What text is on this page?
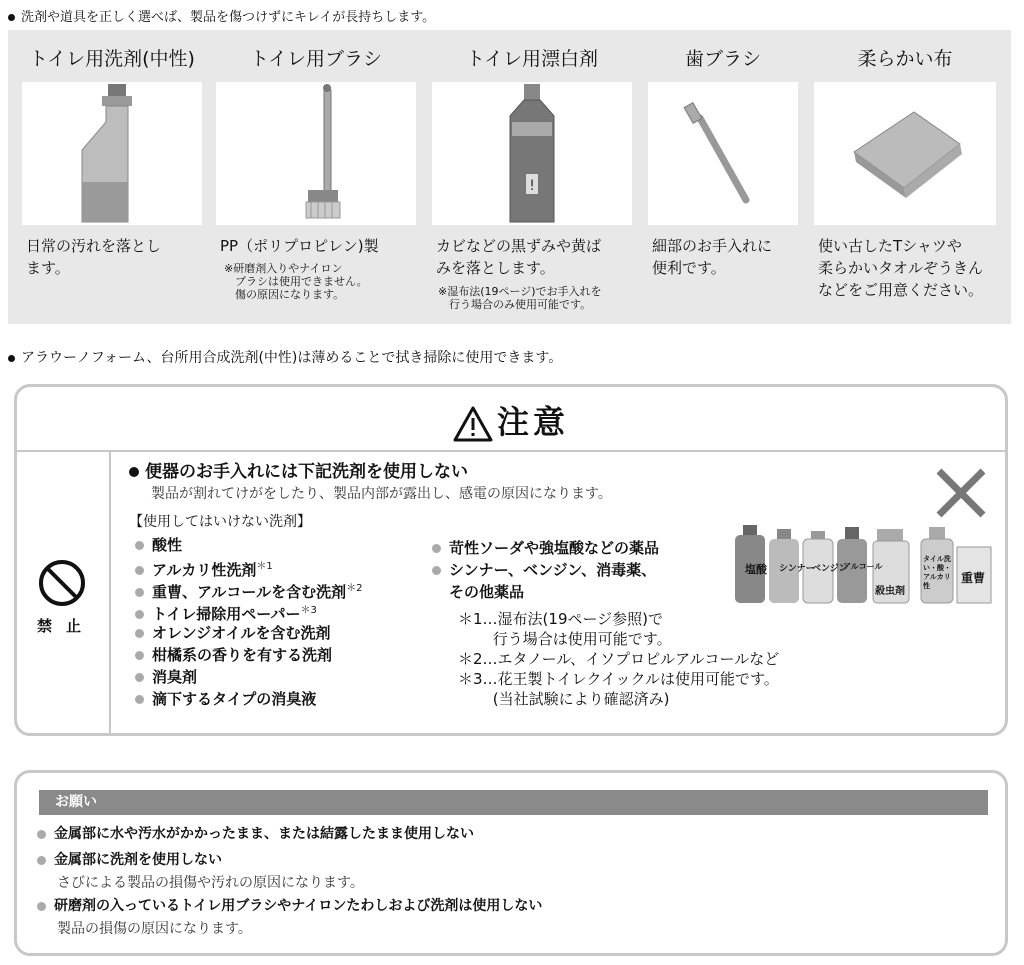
洗剤や道具を正しく選べば、製品を傷つけずにキレイが長持ちします。
トイレ用洗剤(中性)
日常の汚れを落とし
ます。
トイレ用ブラシ
PP（ポリプロピレン)製
※研磨剤入りやナイロン
　ブラシは使用できません。
　傷の原因になります。
トイレ用漂白剤
!
カビなどの黒ずみや黄ば
みを落とします。
※湿布法(19ページ)でお手入れを
　行う場合のみ使用可能です。
歯ブラシ
細部のお手入れに
便利です。
柔らかい布
使い古したTシャツや
柔らかいタオルぞうきん
などをご用意ください。
アラウーノフォーム、台所用合成洗剤(中性)は薄めることで拭き掃除に使用できます。
注意
禁止
便器のお手入れには下記洗剤を使用しない
製品が割れてけがをしたり、製品内部が露出し、感電の原因になります。
【使用してはいけない洗剤】
酸性
アルカリ性洗剤$^{*1}$
重曹、アルコールを含む洗剤$^{*2}$
トイレ掃除用ペーパー$^{*3}$
オレンジオイルを含む洗剤
柑橘系の香りを有する洗剤
消臭剤
滴下するタイプの消臭液
苛性ソーダや強塩酸などの薬品
シンナー、ベンジン、消毒薬、
その他薬品
＊1…湿布法(19ページ参照)で
　　 行う場合は使用可能です。
＊2…エタノール、イソプロピルアルコールなど
＊3…花王製トイレクイックルは使用可能です。
　　 (当社試験により確認済み)
塩酸 シンナー
ベンジン
アルコール
殺虫剤
タイル洗い・酸・アルカリ性
重曹
お願い
金属部に水や汚水がかかったまま、または結露したまま使用しない
金属部に洗剤を使用しない
さびによる製品の損傷や汚れの原因になります。
研磨剤の入っているトイレ用ブラシやナイロンたわしおよび洗剤は使用しない
製品の損傷の原因になります。
